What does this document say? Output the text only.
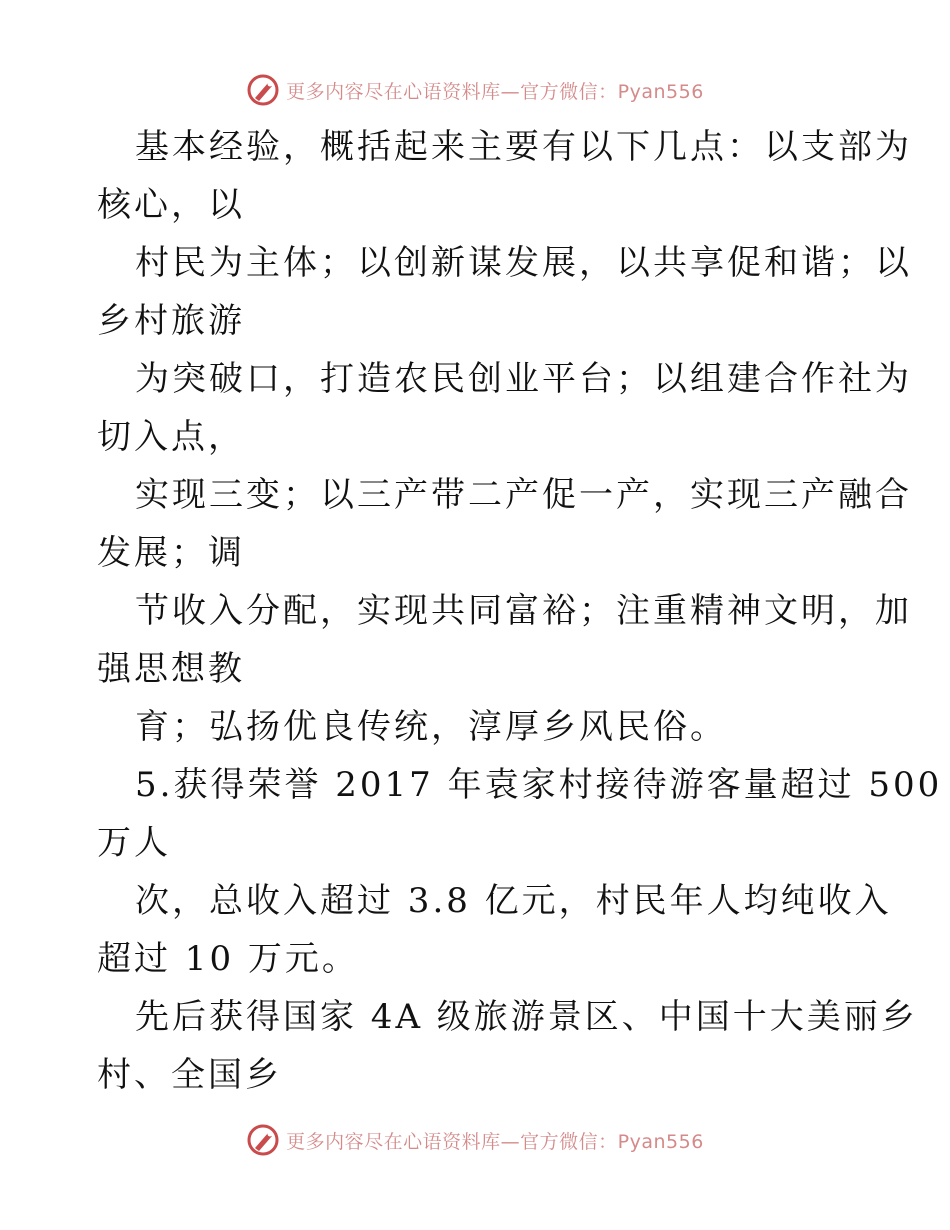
更多内容尽在心语资料库—官方微信：Pyan556
基本经验，概括起来主要有以下几点：以支部为
核心，以
村民为主体；以创新谋发展，以共享促和谐；以
乡村旅游
为突破口，打造农民创业平台；以组建合作社为
切入点，
实现三变；以三产带二产促一产，实现三产融合
发展；调
节收入分配，实现共同富裕；注重精神文明，加
强思想教
育；弘扬优良传统，淳厚乡风民俗。
5.获得荣誉 2017 年袁家村接待游客量超过 500
万人
次，总收入超过 3.8 亿元，村民年人均纯收入
超过 10 万元。
先后获得国家 4A 级旅游景区、中国十大美丽乡
村、全国乡
更多内容尽在心语资料库—官方微信：Pyan556
